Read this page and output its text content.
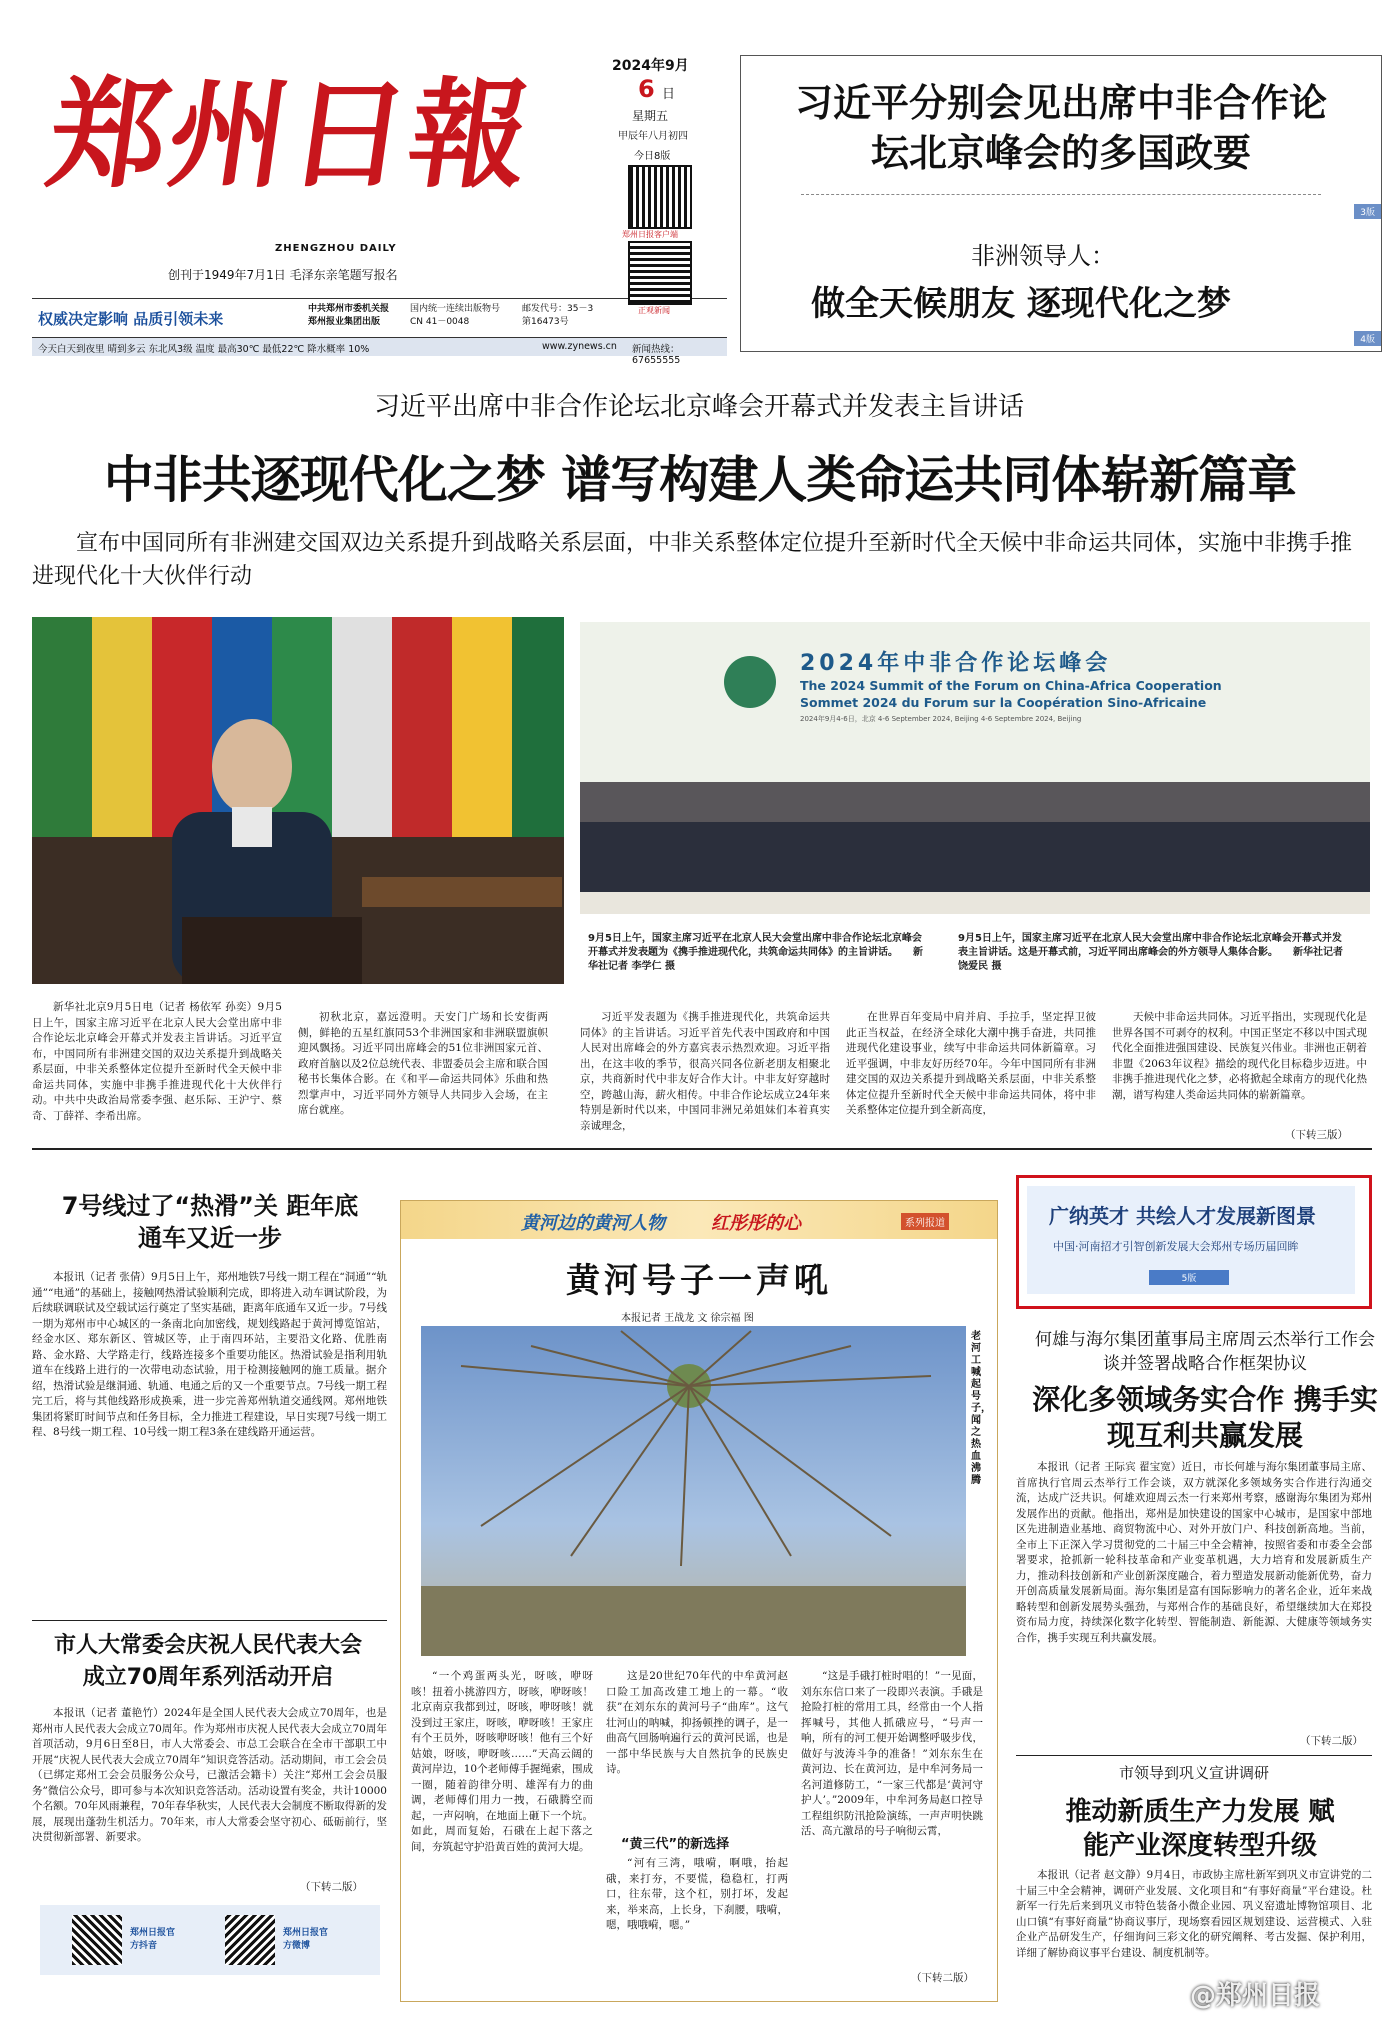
郑州日報
ZHENGZHOU DAILY
创刊于1949年7月1日 毛泽东亲笔题写报名
权威决定影响 品质引领未来
中共郑州市委机关报
郑州报业集团出版
国内统一连续出版物号
CN 41－0048
邮发代号：35－3
第16473号
今天白天到夜里 晴到多云 东北风3级 温度 最高30℃ 最低22℃ 降水概率 10%	www.zynews.cn 新闻热线：67655555
2024年9月
6 日
星期五
甲辰年八月初四
今日8版
郑州日报客户端
正观新闻
习近平分别会见出席中非合作论坛北京峰会的多国政要
3版
非洲领导人：
做全天候朋友 逐现代化之梦
4版
习近平出席中非合作论坛北京峰会开幕式并发表主旨讲话
中非共逐现代化之梦 谱写构建人类命运共同体崭新篇章
宣布中国同所有非洲建交国双边关系提升到战略关系层面，中非关系整体定位提升至新时代全天候中非命运共同体，实施中非携手推进现代化十大伙伴行动
2024年中非合作论坛峰会
The 2024 Summit of the Forum on China-Africa Cooperation
Sommet 2024 du Forum sur la Coopération Sino-Africaine
2024年9月4-6日，北京 4-6 September 2024, Beijing 4-6 Septembre 2024, Beijing
9月5日上午，国家主席习近平在北京人民大会堂出席中非合作论坛北京峰会开幕式并发表题为《携手推进现代化，共筑命运共同体》的主旨讲话。　　新华社记者 李学仁 摄
9月5日上午，国家主席习近平在北京人民大会堂出席中非合作论坛北京峰会开幕式并发表主旨讲话。这是开幕式前，习近平同出席峰会的外方领导人集体合影。　　新华社记者 饶爱民 摄
新华社北京9月5日电（记者 杨依军 孙奕）9月5日上午，国家主席习近平在北京人民大会堂出席中非合作论坛北京峰会开幕式并发表主旨讲话。习近平宣布，中国同所有非洲建交国的双边关系提升到战略关系层面，中非关系整体定位提升至新时代全天候中非命运共同体，实施中非携手推进现代化十大伙伴行动。中共中央政治局常委李强、赵乐际、王沪宁、蔡奇、丁薛祥、李希出席。
初秋北京，嘉远澄明。天安门广场和长安街两侧，鲜艳的五星红旗同53个非洲国家和非洲联盟旗帜迎风飘扬。习近平同出席峰会的51位非洲国家元首、政府首脑以及2位总统代表、非盟委员会主席和联合国秘书长集体合影。在《和平—命运共同体》乐曲和热烈掌声中，习近平同外方领导人共同步入会场，在主席台就座。
习近平发表题为《携手推进现代化，共筑命运共同体》的主旨讲话。习近平首先代表中国政府和中国人民对出席峰会的外方嘉宾表示热烈欢迎。习近平指出，在这丰收的季节，很高兴同各位新老朋友相聚北京，共商新时代中非友好合作大计。中非友好穿越时空，跨越山海，薪火相传。中非合作论坛成立24年来特别是新时代以来，中国同非洲兄弟姐妹们本着真实亲诚理念，
在世界百年变局中肩并肩、手拉手，坚定捍卫彼此正当权益，在经济全球化大潮中携手奋进，共同推进现代化建设事业，续写中非命运共同体新篇章。习近平强调，中非友好历经70年。今年中国同所有非洲建交国的双边关系提升到战略关系层面，中非关系整体定位提升至新时代全天候中非命运共同体，将中非关系整体定位提升到全新高度，
天候中非命运共同体。习近平指出，实现现代化是世界各国不可剥夺的权利。中国正坚定不移以中国式现代化全面推进强国建设、民族复兴伟业。非洲也正朝着非盟《2063年议程》描绘的现代化目标稳步迈进。中非携手推进现代化之梦，必将掀起全球南方的现代化热潮，谱写构建人类命运共同体的崭新篇章。
（下转三版）
7号线过了“热滑”关 距年底通车又近一步
本报讯（记者 张倩）9月5日上午，郑州地铁7号线一期工程在“洞通”“轨通”“电通”的基础上，接触网热滑试验顺利完成，即将进入动车调试阶段，为后续联调联试及空载试运行奠定了坚实基础，距离年底通车又近一步。7号线一期为郑州市中心城区的一条南北向加密线，规划线路起于黄河博览馆站，经金水区、郑东新区、管城区等，止于南四环站，主要沿文化路、优胜南路、金水路、大学路走行，线路连接多个重要功能区。热滑试验是指利用轨道车在线路上进行的一次带电动态试验，用于检测接触网的施工质量。据介绍，热滑试验是继洞通、轨通、电通之后的又一个重要节点。7号线一期工程完工后，将与其他线路形成换乘，进一步完善郑州轨道交通线网。郑州地铁集团将紧盯时间节点和任务目标，全力推进工程建设，早日实现7号线一期工程、8号线一期工程、10号线一期工程3条在建线路开通运营。
市人大常委会庆祝人民代表大会成立70周年系列活动开启
本报讯（记者 董艳竹）2024年是全国人民代表大会成立70周年，也是郑州市人民代表大会成立70周年。作为郑州市庆祝人民代表大会成立70周年首项活动，9月6日至8日，市人大常委会、市总工会联合在全市干部职工中开展“庆祝人民代表大会成立70周年”知识竞答活动。活动期间，市工会会员（已绑定郑州工会会员服务公众号，已激活会籍卡）关注“郑州工会会员服务”微信公众号，即可参与本次知识竞答活动。活动设置有奖金，共计10000个名额。70年风雨兼程，70年春华秋实，人民代表大会制度不断取得新的发展，展现出蓬勃生机活力。70年来，市人大常委会坚守初心、砥砺前行，坚决贯彻新部署、新要求。
（下转二版）
郑州日报官方抖音
郑州日报官方微博
黄河边的黄河人物	红彤彤的心	系列报道
黄河号子一声吼
本报记者 王战龙 文 徐宗福 图
老河工喊起号子，闻之热血沸腾
“一个鸡蛋两头光，呀咳，咿呀咳！扭着小挑游四方，呀咳，咿呀咳！北京南京我都到过，呀咳，咿呀咳！就没到过王家庄，呀咳，咿呀咳！王家庄有个王员外，呀咳咿呀咳！他有三个好姑娘，呀咳，咿呀咳……”天高云阔的黄河岸边，10个老师傅手握绳索，围成一圈，随着韵律分明、雄浑有力的曲调，老师傅们用力一拽，石硪腾空而起，一声闷响，在地面上砸下一个坑。如此，周而复始，石硪在上起下落之间，夯筑起守护沿黄百姓的黄河大堤。
这是20世纪70年代的中牟黄河赵口险工加高改建工地上的一幕。“收获”在刘东东的黄河号子“曲库”。这气壮河山的呐喊，抑扬顿挫的调子，是一曲高气回肠响遍行云的黄河民谣，也是一部中华民族与大自然抗争的民族史诗。
“黄三代”的新选择
“河有三湾，哦嗬，啊哦，抬起硪，来打夯，不要慌，稳稳杠，打两口，往东带，这个杠，别打坏，发起来，举来高，上长身，下刹腰，哦嗬，嗯，哦哦嗬，嗯。”
“这是手硪打桩时唱的！”一见面，刘东东信口来了一段即兴表演。手硪是抢险打桩的常用工具，经常由一个人指挥喊号，其他人抓硪应号，“号声一响，所有的河工便开始调整呼吸步伐，做好与波涛斗争的准备！”刘东东生在黄河边、长在黄河边，是中牟河务局一名河道修防工，“一家三代都是‘黄河守护人’。”2009年，中牟河务局赵口控导工程组织防汛抢险演练，一声声明快跳活、高亢激昂的号子响彻云霄，
（下转二版）
广纳英才 共绘人才发展新图景
中国·河南招才引智创新发展大会郑州专场历届回眸
5版
何雄与海尔集团董事局主席周云杰举行工作会谈并签署战略合作框架协议
深化多领域务实合作 携手实现互利共赢发展
本报讯（记者 王际宾 翟宝宽）近日，市长何雄与海尔集团董事局主席、首席执行官周云杰举行工作会谈，双方就深化多领域务实合作进行沟通交流，达成广泛共识。何雄欢迎周云杰一行来郑州考察，感谢海尔集团为郑州发展作出的贡献。他指出，郑州是加快建设的国家中心城市，是国家中部地区先进制造业基地、商贸物流中心、对外开放门户、科技创新高地。当前，全市上下正深入学习贯彻党的二十届三中全会精神，按照省委和市委全会部署要求，抢抓新一轮科技革命和产业变革机遇，大力培育和发展新质生产力，推动科技创新和产业创新深度融合，着力塑造发展新动能新优势，奋力开创高质量发展新局面。海尔集团是富有国际影响力的著名企业，近年来战略转型和创新发展势头强劲，与郑州合作的基础良好，希望继续加大在郑投资布局力度，持续深化数字化转型、智能制造、新能源、大健康等领域务实合作，携手实现互利共赢发展。
（下转二版）
市领导到巩义宣讲调研
推动新质生产力发展 赋能产业深度转型升级
本报讯（记者 赵文静）9月4日，市政协主席杜新军到巩义市宣讲党的二十届三中全会精神，调研产业发展、文化项目和“有事好商量”平台建设。杜新军一行先后来到巩义市特色装备小微企业园、巩义窑遗址博物馆项目、北山口镇“有事好商量”协商议事厅，现场察看园区规划建设、运营模式、入驻企业产品研发生产，仔细询问三彩文化的研究阐释、考古发掘、保护利用，详细了解协商议事平台建设、制度机制等。
@郑州日报
